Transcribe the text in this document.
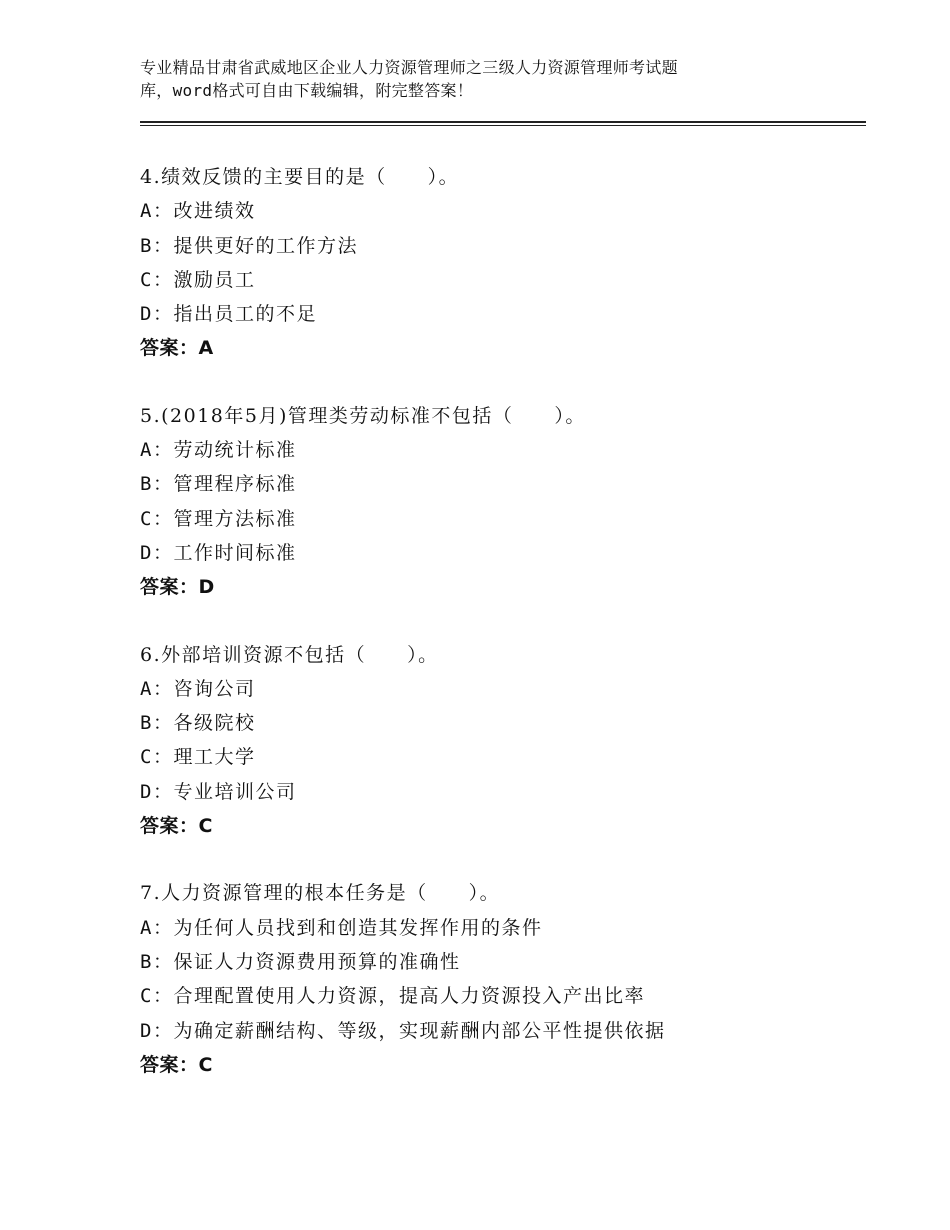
专业精品甘肃省武威地区企业人力资源管理师之三级人力资源管理师考试题
库，word格式可自由下载编辑，附完整答案！
4.绩效反馈的主要目的是（　　）。
A：改进绩效
B：提供更好的工作方法
C：激励员工
D：指出员工的不足
答案：A
5.(2018年5月)管理类劳动标准不包括（　　）。
A：劳动统计标准
B：管理程序标准
C：管理方法标准
D：工作时间标准
答案：D
6.外部培训资源不包括（　　）。
A：咨询公司
B：各级院校
C：理工大学
D：专业培训公司
答案：C
7.人力资源管理的根本任务是（　　）。
A：为任何人员找到和创造其发挥作用的条件
B：保证人力资源费用预算的准确性
C：合理配置使用人力资源，提高人力资源投入产出比率
D：为确定薪酬结构、等级，实现薪酬内部公平性提供依据
答案：C
